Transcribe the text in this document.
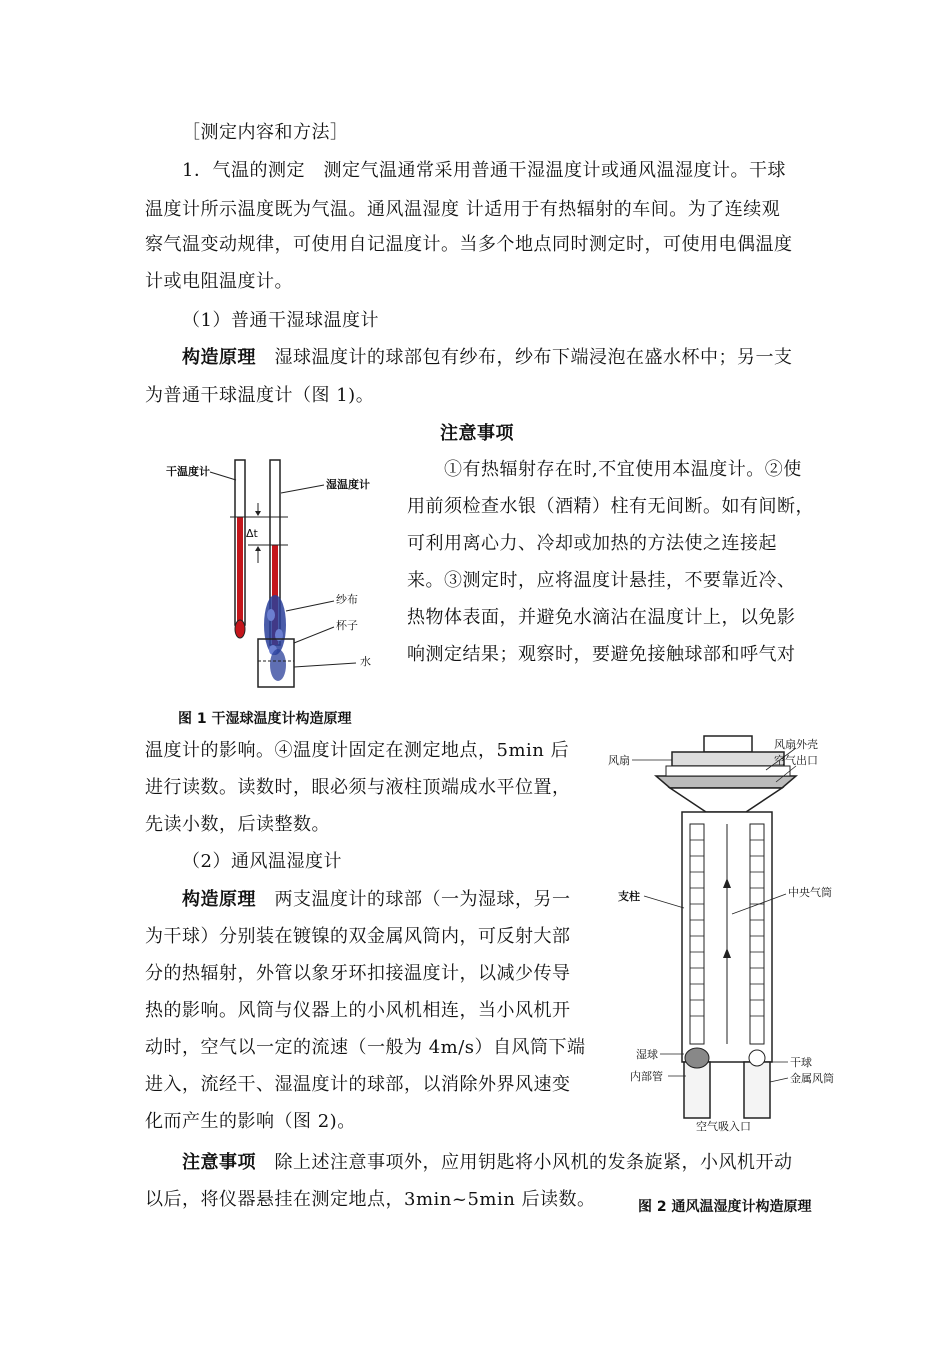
［测定内容和方法］
1．气温的测定　测定气温通常采用普通干湿温度计或通风温湿度计。干球
温度计所示温度既为气温。通风温湿度 计适用于有热辐射的车间。为了连续观
察气温变动规律，可使用自记温度计。当多个地点同时测定时，可使用电偶温度
计或电阻温度计。
（1）普通干湿球温度计
构造原理　湿球温度计的球部包有纱布，纱布下端浸泡在盛水杯中；另一支
为普通干球温度计（图 1)。
注意事项
①有热辐射存在时,不宜使用本温度计。②使
用前须检查水银（酒精）柱有无间断。如有间断，
可利用离心力、冷却或加热的方法使之连接起
来。③测定时，应将温度计悬挂，不要靠近冷、
热物体表面，并避免水滴沾在温度计上，以免影
响测定结果；观察时，要避免接触球部和呼气对
Δt
干温度计
湿温度计
纱布
杯子
水
图 1 干湿球温度计构造原理
温度计的影响。④温度计固定在测定地点，5min 后
进行读数。读数时，眼必须与液柱顶端成水平位置，
先读小数，后读整数。
（2）通风温湿度计
构造原理　两支温度计的球部（一为湿球，另一
为干球）分别装在镀镍的双金属风筒内，可反射大部
分的热辐射，外管以象牙环扣接温度计，以减少传导
热的影响。风筒与仪器上的小风机相连，当小风机开
动时，空气以一定的流速（一般为 4m/s）自风筒下端
进入，流经干、湿温度计的球部，以消除外界风速变
化而产生的影响（图 2)。
风扇外壳
空气出口
风扇
支柱	中央气筒
湿球
内部管
干球
金属风筒
空气吸入口
注意事项　除上述注意事项外，应用钥匙将小风机的发条旋紧，小风机开动
以后，将仪器悬挂在测定地点，3min~5min 后读数。	图 2 通风温湿度计构造原理
